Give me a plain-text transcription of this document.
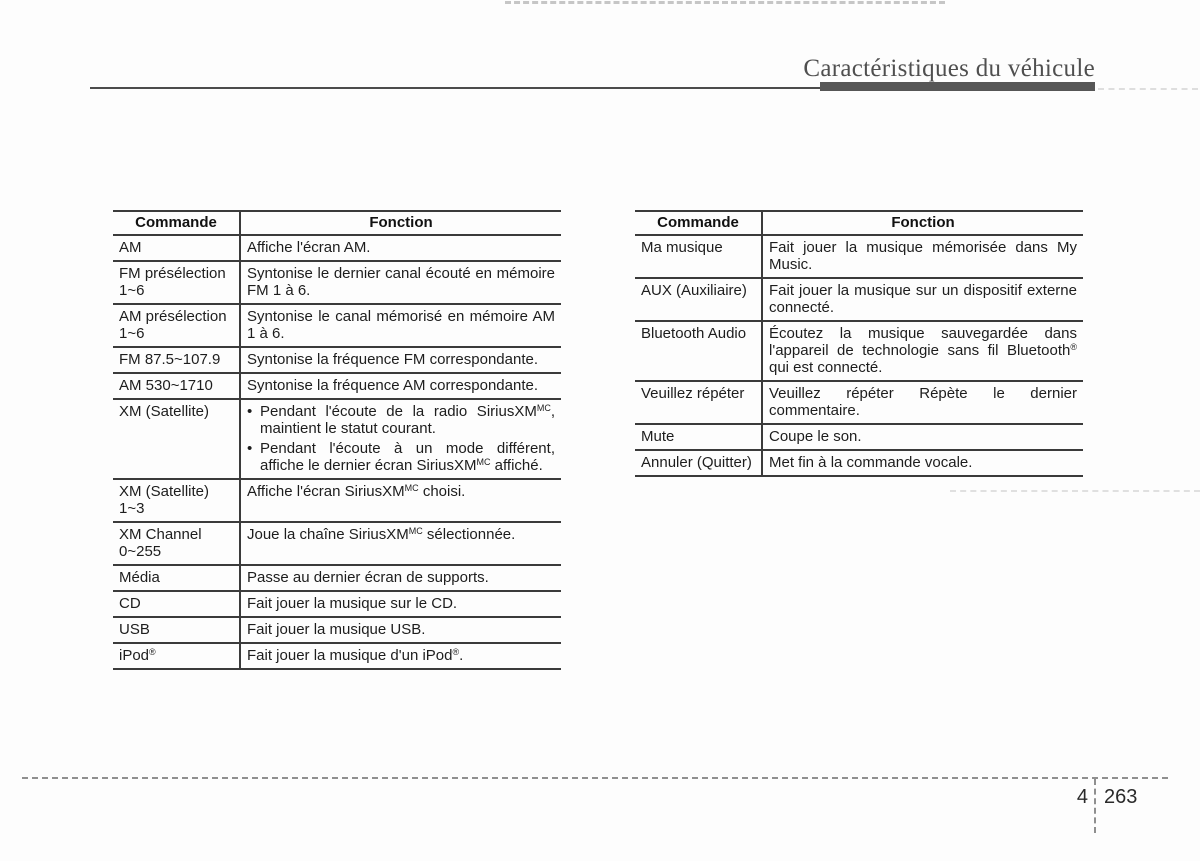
Caractéristiques du véhicule
Commande	Fonction
AM	Affiche l'écran AM.
FM présélection 1~6	Syntonise le dernier canal écouté en mémoire FM 1 à 6.
AM présélection 1~6	Syntonise le canal mémorisé en mémoire AM 1 à 6.
FM 87.5~107.9	Syntonise la fréquence FM correspondante.
AM 530~1710	Syntonise la fréquence AM correspondante.
XM (Satellite)	• Pendant l'écoute de la radio SiriusXM$^{MC}$, maintient le statut courant.
• Pendant l'écoute à un mode différent, affiche le dernier écran SiriusXM$^{MC}$ affiché.

XM (Satellite) 1~3	Affiche l'écran SiriusXM$^{MC}$ choisi.
XM Channel 0~255	Joue la chaîne SiriusXM$^{MC}$ sélectionnée.
Média	Passe au dernier écran de supports.
CD	Fait jouer la musique sur le CD.
USB	Fait jouer la musique USB.
iPod®	Fait jouer la musique d'un iPod®.
Commande	Fonction
Ma musique	Fait jouer la musique mémorisée dans My Music.
AUX (Auxiliaire)	Fait jouer la musique sur un dispositif externe connecté.
Bluetooth Audio	Écoutez la musique sauvegardée dans l'appareil de technologie sans fil Bluetooth® qui est connecté.
Veuillez répéter	Veuillez répéter Répète le dernier commentaire.
Mute	Coupe le son.
Annuler (Quitter)	Met fin à la commande vocale.
4 263
